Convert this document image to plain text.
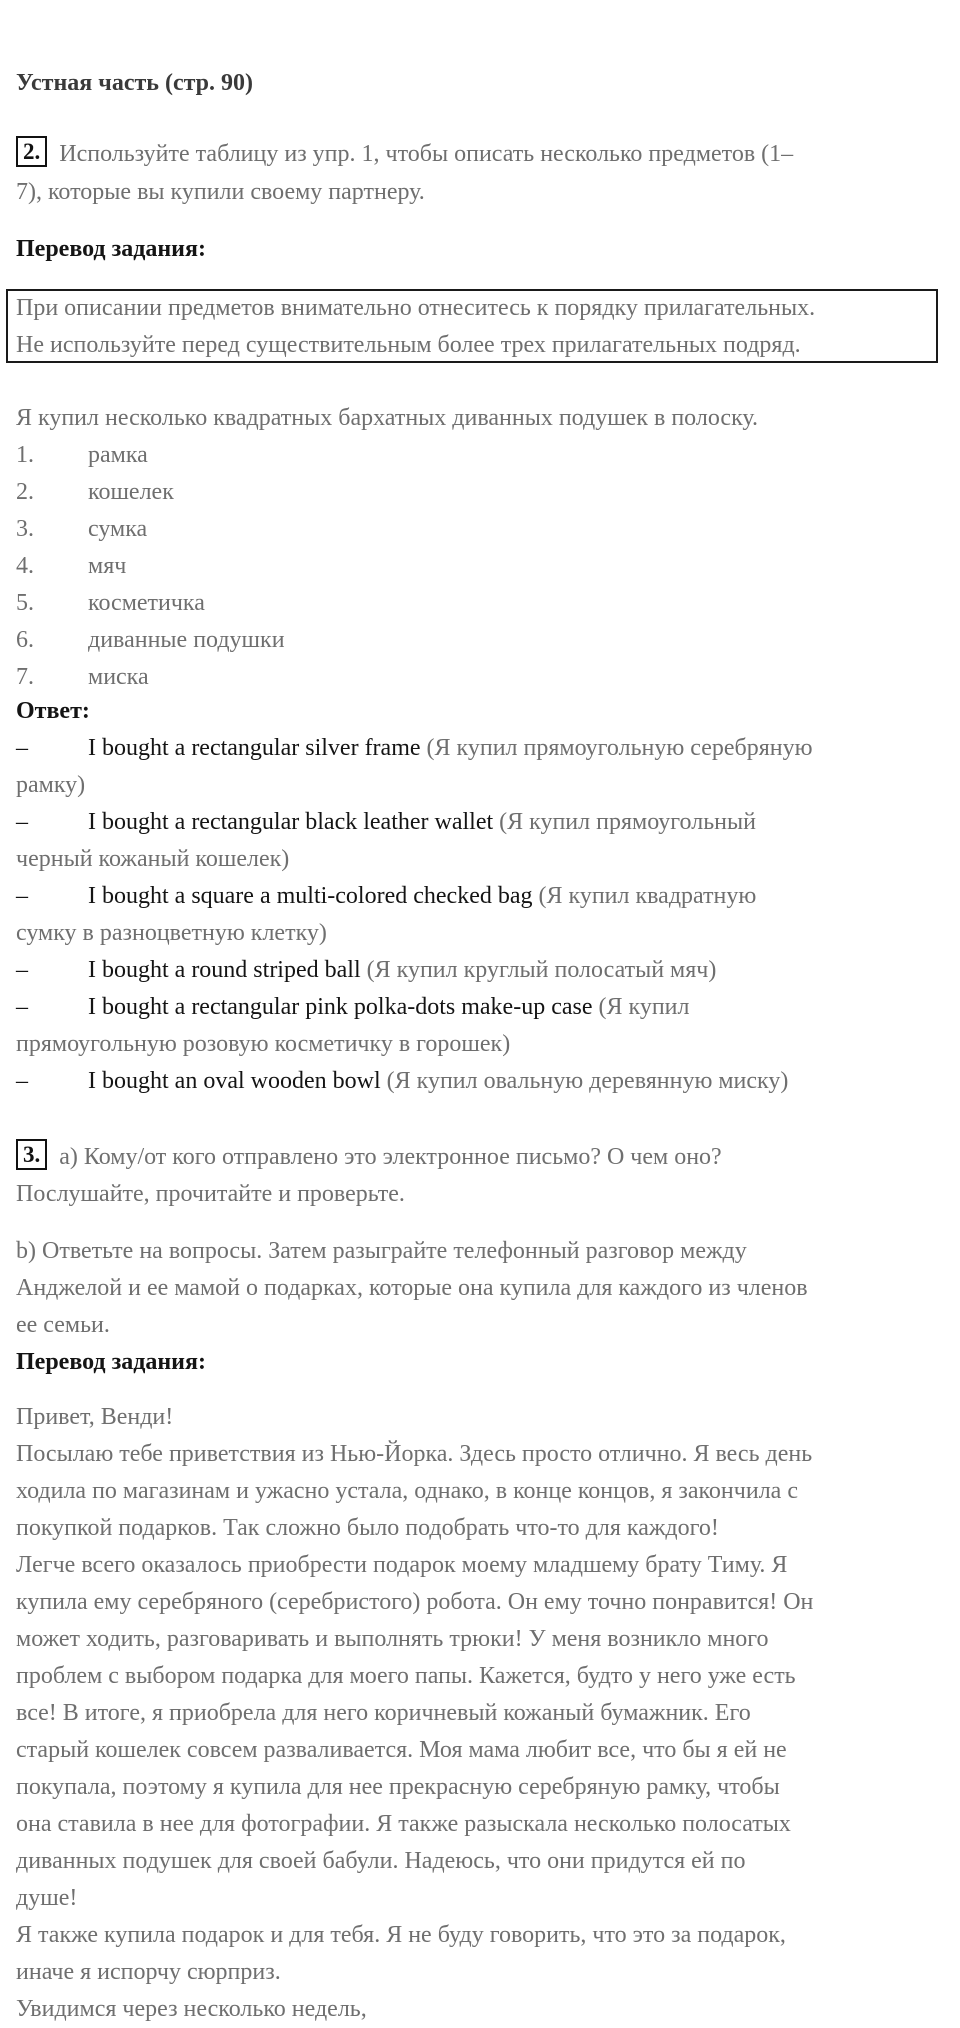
Устная часть (стр. 90)
2. Используйте таблицу из упр. 1, чтобы описать несколько предметов (1–
7), которые вы купили своему партнеру.
Перевод задания:
При описании предметов внимательно отнеситесь к порядку прилагательных.
Не используйте перед существительным более трех прилагательных подряд.
Я купил несколько квадратных бархатных диванных подушек в полоску.
1. рамка
2. кошелек
3. сумка
4. мяч
5. косметичка
6. диванные подушки
7. миска
Ответ:
–	I bought a rectangular silver frame (Я купил прямоугольную серебряную
рамку)
–	I bought a rectangular black leather wallet (Я купил прямоугольный
черный кожаный кошелек)
–	I bought a square a multi-colored checked bag (Я купил квадратную
сумку в разноцветную клетку)
–	I bought a round striped ball (Я купил круглый полосатый мяч)
–	I bought a rectangular pink polka-dots make-up case (Я купил
прямоугольную розовую косметичку в горошек)
–	I bought an oval wooden bowl (Я купил овальную деревянную миску)
3. a) Кому/от кого отправлено это электронное письмо? О чем оно?
Послушайте, прочитайте и проверьте.
b) Ответьте на вопросы. Затем разыграйте телефонный разговор между
Анджелой и ее мамой о подарках, которые она купила для каждого из членов
ее семьи.
Перевод задания:
Привет, Венди!
Посылаю тебе приветствия из Нью-Йорка. Здесь просто отлично. Я весь день
ходила по магазинам и ужасно устала, однако, в конце концов, я закончила с
покупкой подарков. Так сложно было подобрать что-то для каждого!
Легче всего оказалось приобрести подарок моему младшему брату Тиму. Я
купила ему серебряного (серебристого) робота. Он ему точно понравится! Он
может ходить, разговаривать и выполнять трюки! У меня возникло много
проблем с выбором подарка для моего папы. Кажется, будто у него уже есть
все! В итоге, я приобрела для него коричневый кожаный бумажник. Его
старый кошелек совсем разваливается. Моя мама любит все, что бы я ей не
покупала, поэтому я купила для нее прекрасную серебряную рамку, чтобы
она ставила в нее для фотографии. Я также разыскала несколько полосатых
диванных подушек для своей бабули. Надеюсь, что они придутся ей по
душе!
Я также купила подарок и для тебя. Я не буду говорить, что это за подарок,
иначе я испорчу сюрприз.
Увидимся через несколько недель,
